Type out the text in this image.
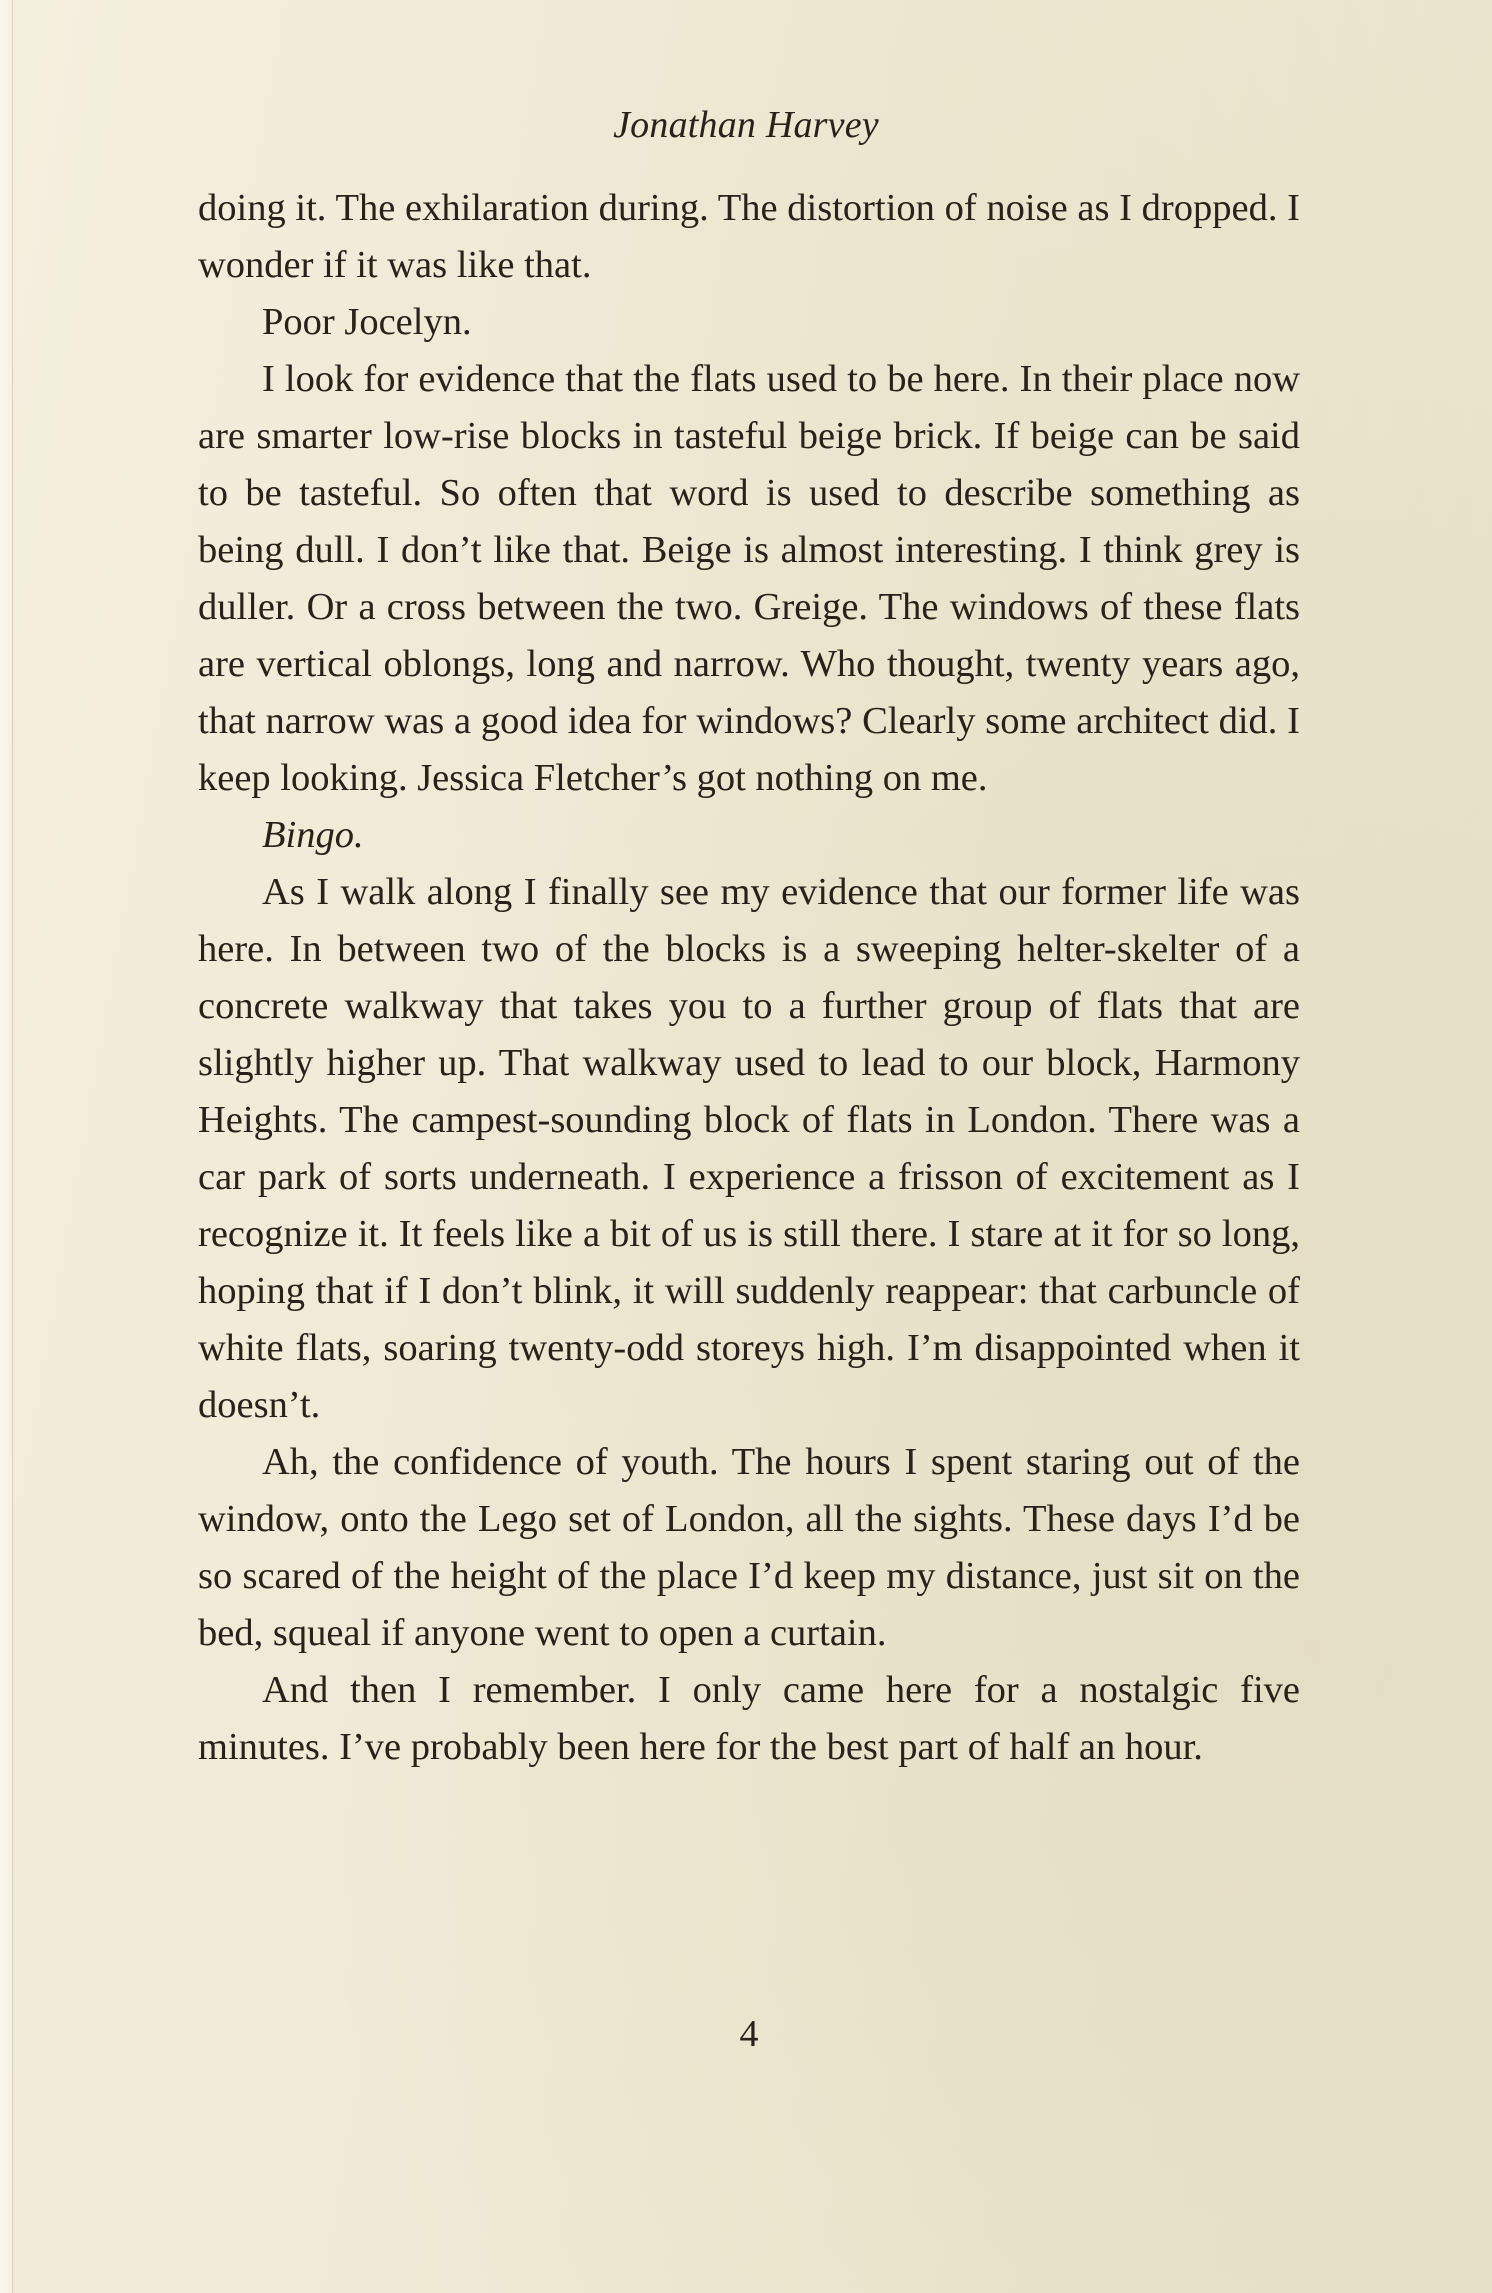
Jonathan Harvey

doing it. The exhilaration during. The distortion of noise as I dropped. I wonder if it was like that.

Poor Jocelyn.

I look for evidence that the flats used to be here. In their place now are smarter low-rise blocks in tasteful beige brick. If beige can be said to be tasteful. So often that word is used to describe something as being dull. I don’t like that. Beige is almost interesting. I think grey is duller. Or a cross between the two. Greige. The windows of these flats are vertical oblongs, long and narrow. Who thought, twenty years ago, that narrow was a good idea for windows? Clearly some architect did. I keep looking. Jessica Fletcher’s got nothing on me.

Bingo.

As I walk along I finally see my evidence that our former life was here. In between two of the blocks is a sweeping helter-skelter of a concrete walkway that takes you to a further group of flats that are slightly higher up. That walkway used to lead to our block, Harmony Heights. The campest-sounding block of flats in London. There was a car park of sorts underneath. I experience a frisson of excitement as I recognize it. It feels like a bit of us is still there. I stare at it for so long, hoping that if I don’t blink, it will suddenly reappear: that carbuncle of white flats, soaring twenty-odd storeys high. I’m disappointed when it doesn’t.

Ah, the confidence of youth. The hours I spent staring out of the window, onto the Lego set of London, all the sights. These days I’d be so scared of the height of the place I’d keep my distance, just sit on the bed, squeal if anyone went to open a curtain.

And then I remember. I only came here for a nostalgic five minutes. I’ve probably been here for the best part of half an hour.

4
